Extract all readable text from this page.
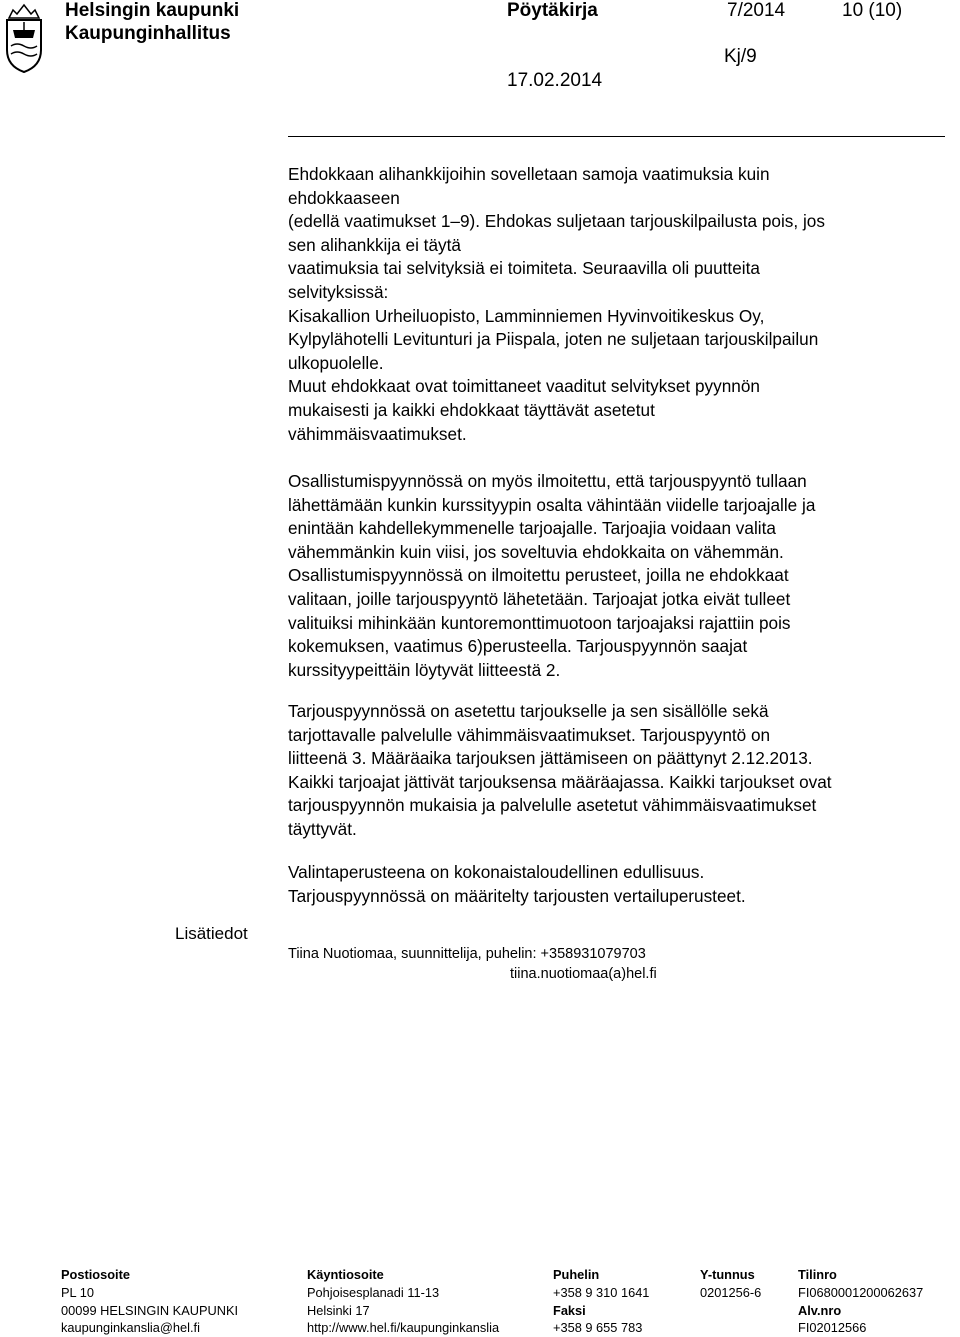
Helsingin kaupunki
Kaupunginhallitus
Pöytäkirja	7/2014	10 (10)
Kj/9
17.02.2014
Ehdokkaan alihankkijoihin sovelletaan samoja vaatimuksia kuin
ehdokkaaseen
(edellä vaatimukset 1–9). Ehdokas suljetaan tarjouskilpailusta pois, jos
sen alihankkija ei täytä
vaatimuksia tai selvityksiä ei toimiteta. Seuraavilla oli puutteita
selvityksissä:
Kisakallion Urheiluopisto, Lamminniemen Hyvinvoitikeskus Oy,
Kylpylähotelli Levitunturi ja Piispala, joten ne suljetaan tarjouskilpailun
ulkopuolelle.
Muut ehdokkaat ovat toimittaneet vaaditut selvitykset pyynnön
mukaisesti ja kaikki ehdokkaat täyttävät asetetut
vähimmäisvaatimukset.
Osallistumispyynnössä on myös ilmoitettu, että tarjouspyyntö tullaan
lähettämään kunkin kurssityypin osalta vähintään viidelle tarjoajalle ja
enintään kahdellekymmenelle tarjoajalle. Tarjoajia voidaan valita
vähemmänkin kuin viisi, jos soveltuvia ehdokkaita on vähemmän.
Osallistumispyynnössä on ilmoitettu perusteet, joilla ne ehdokkaat
valitaan, joille tarjouspyyntö lähetetään. Tarjoajat jotka eivät tulleet
valituiksi mihinkään kuntoremonttimuotoon tarjoajaksi rajattiin pois
kokemuksen, vaatimus 6)perusteella. Tarjouspyynnön saajat
kurssityypeittäin löytyvät liitteestä 2.
Tarjouspyynnössä on asetettu tarjoukselle ja sen sisällölle sekä
tarjottavalle palvelulle vähimmäisvaatimukset. Tarjouspyyntö on
liitteenä 3. Määräaika tarjouksen jättämiseen on päättynyt 2.12.2013.
Kaikki tarjoajat jättivät tarjouksensa määräajassa. Kaikki tarjoukset ovat
tarjouspyynnön mukaisia ja palvelulle asetetut vähimmäisvaatimukset
täyttyvät.
Valintaperusteena on kokonaistaloudellinen edullisuus.
Tarjouspyynnössä on määritelty tarjousten vertailuperusteet.
Lisätiedot
Tiina Nuotiomaa, suunnittelija, puhelin: +358931079703
tiina.nuotiomaa(a)hel.fi
Postiosoite
PL 10
00099 HELSINGIN KAUPUNKI
kaupunginkanslia@hel.fi
Käyntiosoite
Pohjoisesplanadi 11-13
Helsinki 17
http://www.hel.fi/kaupunginkanslia
Puhelin
+358 9 310 1641
Faksi
+358 9 655 783
Y-tunnus
0201256-6
Tilinro
FI0680001200062637
Alv.nro
FI02012566
